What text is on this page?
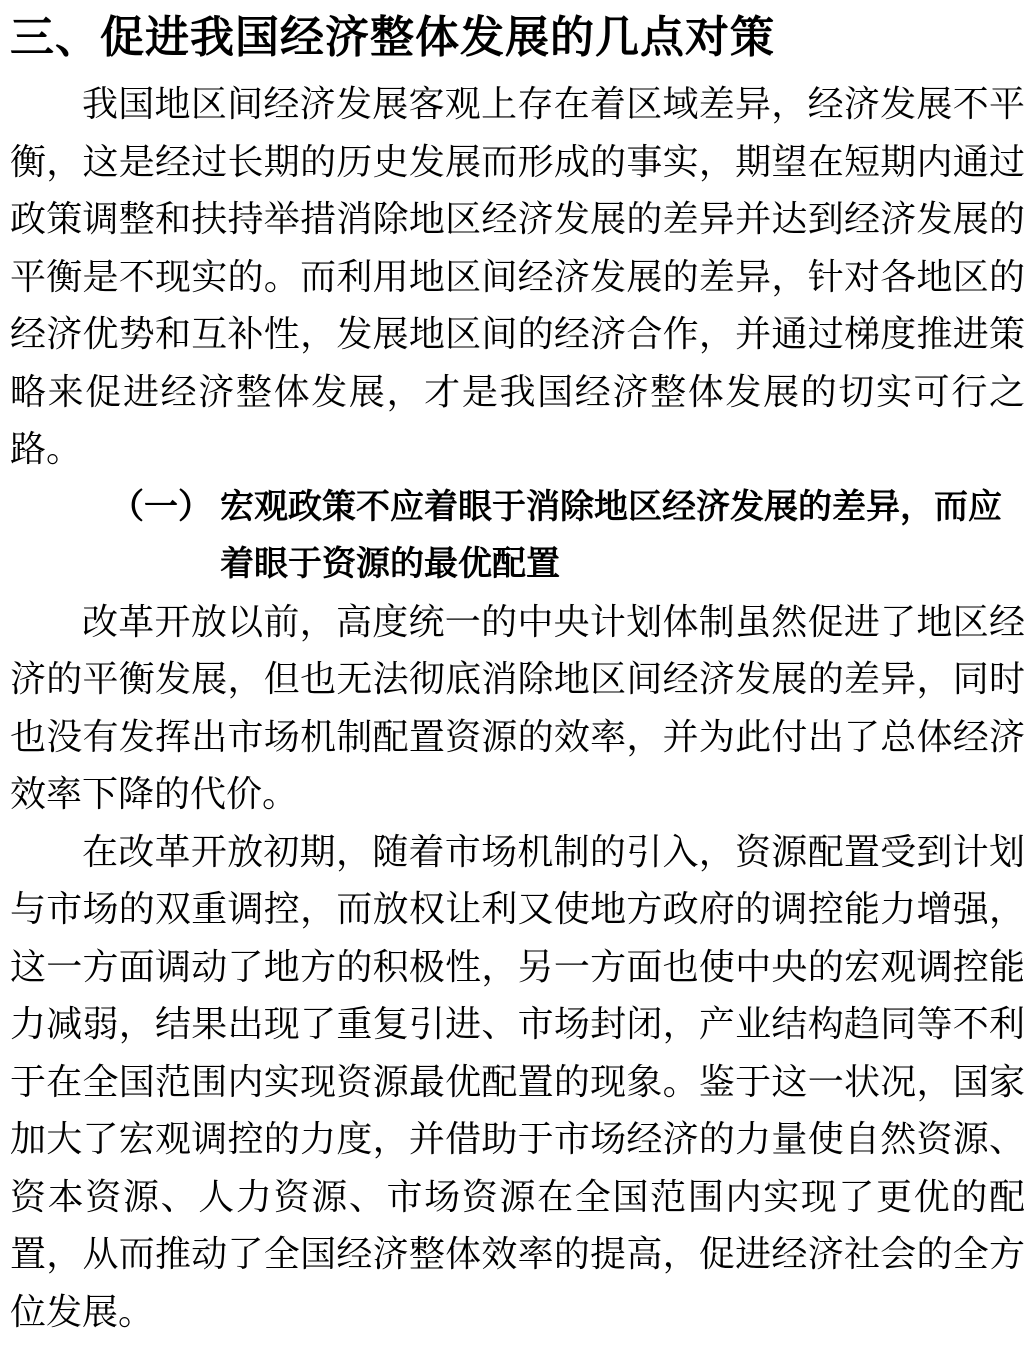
三、促进我国经济整体发展的几点对策

我国地区间经济发展客观上存在着区域差异，经济发展不平衡，这是经过长期的历史发展而形成的事实，期望在短期内通过政策调整和扶持举措消除地区经济发展的差异并达到经济发展的平衡是不现实的。而利用地区间经济发展的差异，针对各地区的经济优势和互补性，发展地区间的经济合作，并通过梯度推进策略来促进经济整体发展，才是我国经济整体发展的切实可行之路。

（一） 宏观政策不应着眼于消除地区经济发展的差异，而应着眼于资源的最优配置

改革开放以前，高度统一的中央计划体制虽然促进了地区经济的平衡发展，但也无法彻底消除地区间经济发展的差异，同时也没有发挥出市场机制配置资源的效率，并为此付出了总体经济效率下降的代价。

在改革开放初期，随着市场机制的引入，资源配置受到计划与市场的双重调控，而放权让利又使地方政府的调控能力增强，这一方面调动了地方的积极性，另一方面也使中央的宏观调控能力减弱，结果出现了重复引进、市场封闭，产业结构趋同等不利于在全国范围内实现资源最优配置的现象。鉴于这一状况，国家加大了宏观调控的力度，并借助于市场经济的力量使自然资源、资本资源、人力资源、市场资源在全国范围内实现了更优的配置，从而推动了全国经济整体效率的提高，促进经济社会的全方位发展。
